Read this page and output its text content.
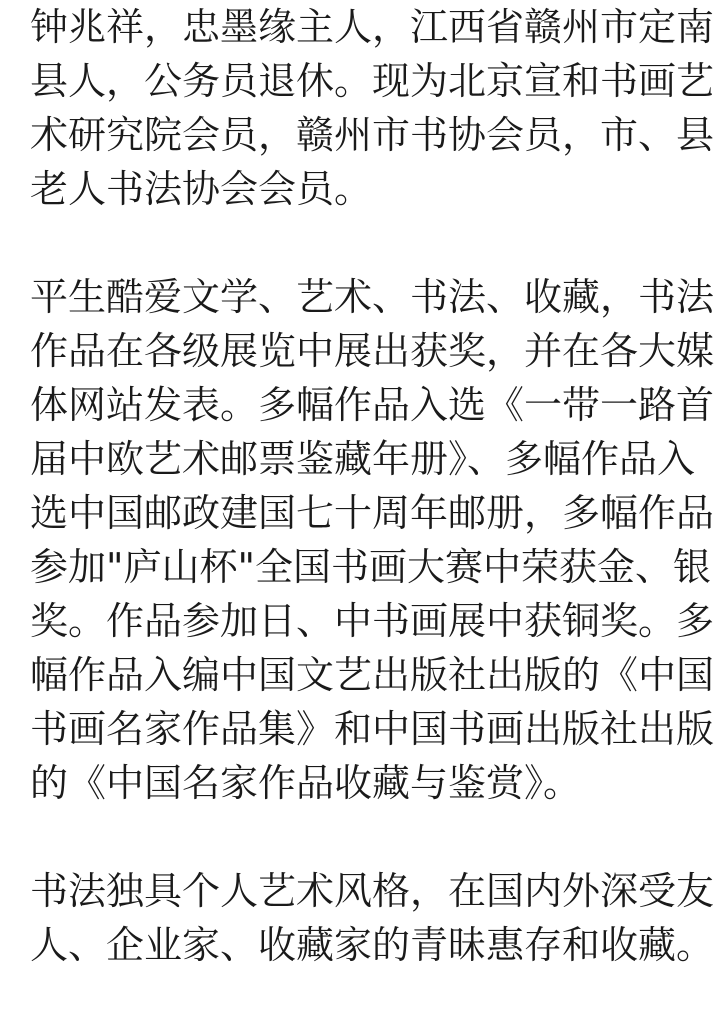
钟兆祥，忠墨缘主人，江西省赣州市定南
县人，公务员退休。现为北京宣和书画艺
术研究院会员，赣州市书协会员，市、县
老人书法协会会员。

平生酷爱文学、艺术、书法、收藏，书法
作品在各级展览中展出获奖，并在各大媒
体网站发表。多幅作品入选《一带一路首
届中欧艺术邮票鉴藏年册》、多幅作品入
选中国邮政建国七十周年邮册，多幅作品
参加"庐山杯"全国书画大赛中荣获金、银
奖。作品参加日、中书画展中获铜奖。多
幅作品入编中国文艺出版社出版的《中国
书画名家作品集》和中国书画出版社出版
的《中国名家作品收藏与鉴赏》。

书法独具个人艺术风格，在国内外深受友
人、企业家、收藏家的青昧惠存和收藏。
